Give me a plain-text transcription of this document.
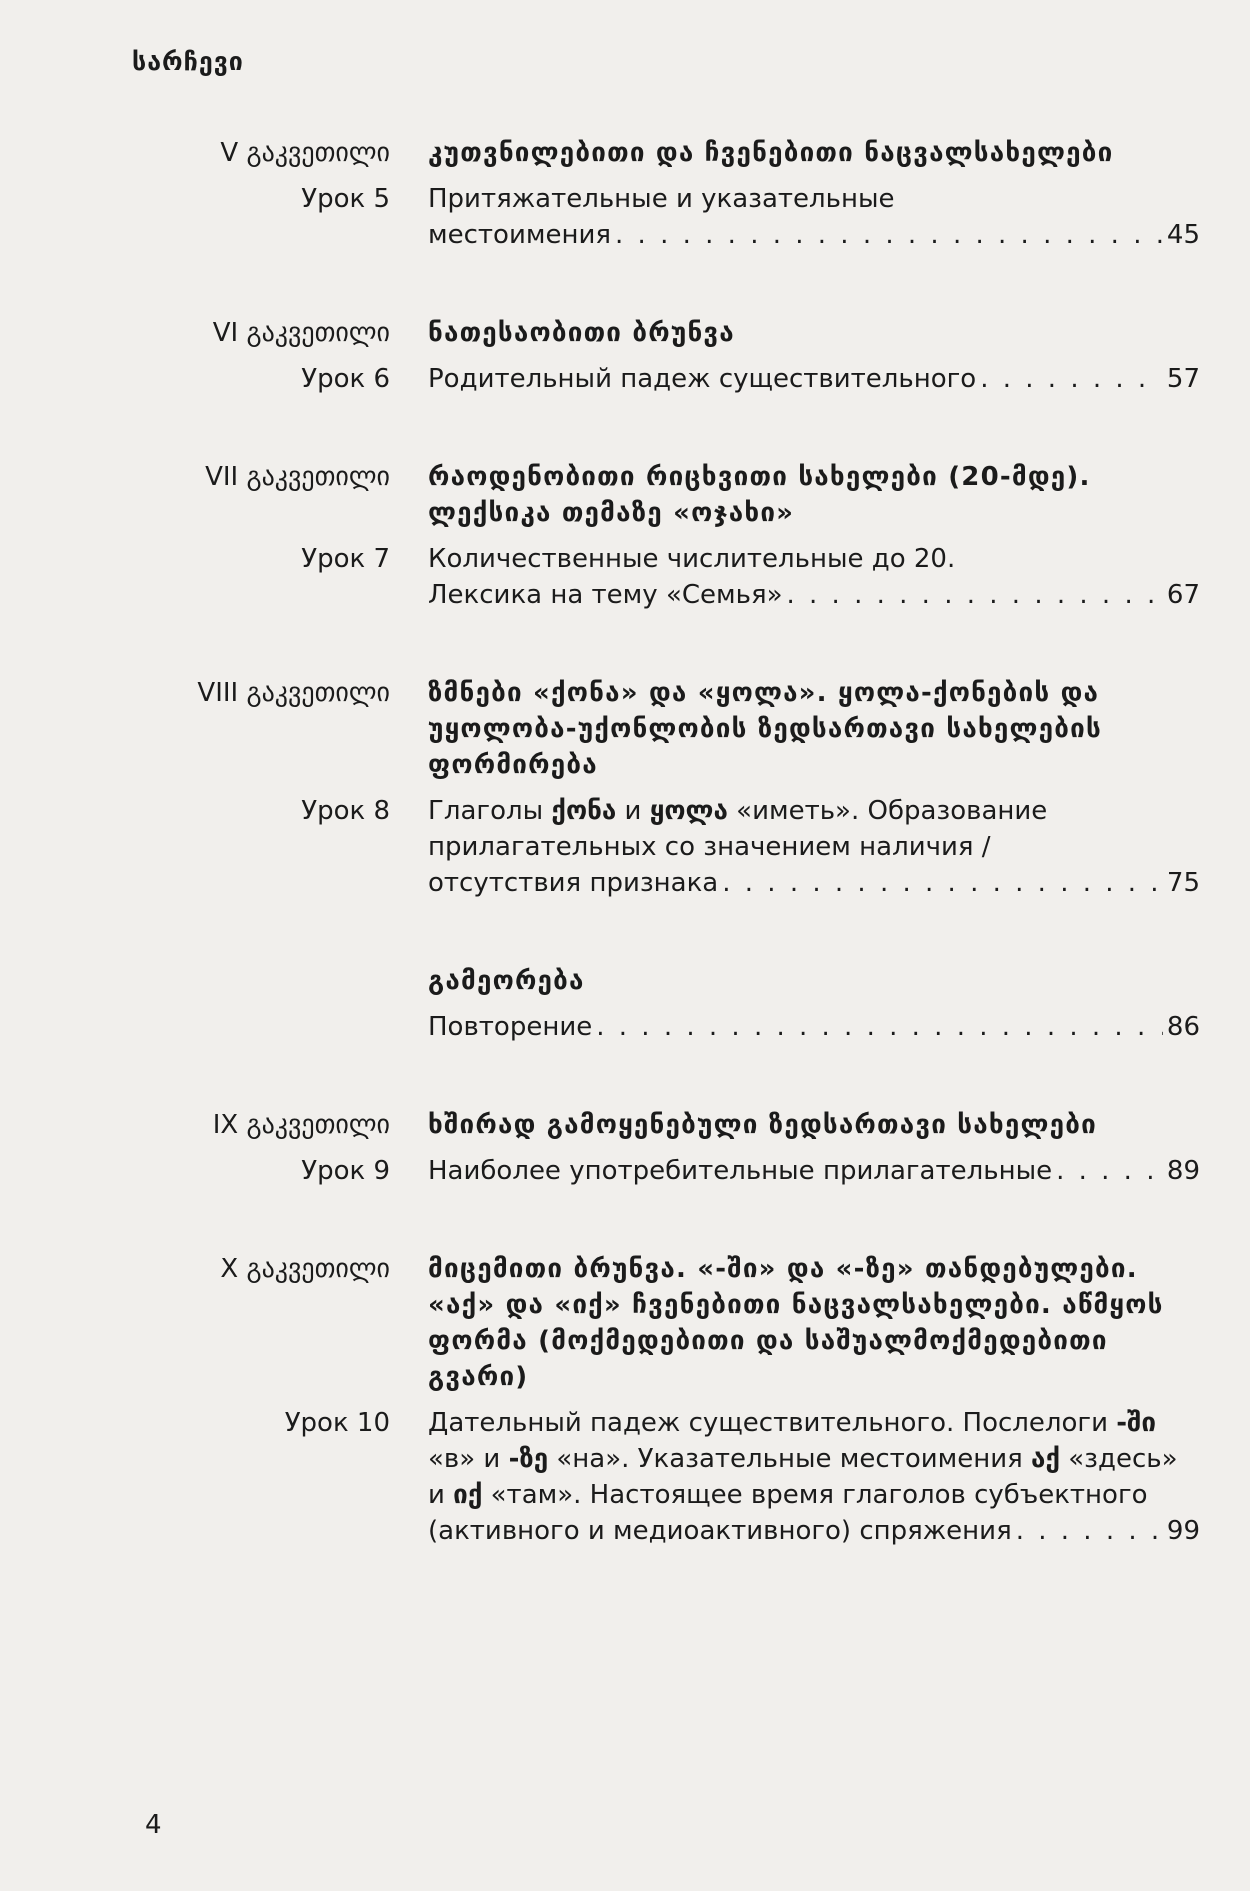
სარჩევი
V გაკვეთილი კუთვნილებითი და ჩვენებითი ნაცვალსახელები
Урок 5 Притяжательные и указательные
местоимения . . .	45
VI გაკვეთილი ნათესაობითი ბრუნვა
Урок 6 Родительный падеж существительного . . .	57
VII გაკვეთილი რაოდენობითი რიცხვითი სახელები (20-მდე). ლექსიკა თემაზე «ოჯახი»
Урок 7 Количественные числительные до 20.
Лексика на тему «Семья» . . .	67
VIII გაკვეთილი ზმნები «ქონა» და «ყოლა». ყოლა-ქონების და უყოლობა-უქონლობის ზედსართავი სახელების ფორმირება
Урок 8 Глаголы ქონა и ყოლა «иметь». Образование прилагательных со значением наличия /
отсутствия признака . . .	75
გამეორება
Повторение . . .	86
IX გაკვეთილი ხშირად გამოყენებული ზედსართავი სახელები
Урок 9 Наиболее употребительные прилагательные . . .	89
X გაკვეთილი მიცემითი ბრუნვა. «-ში» და «-ზე» თანდებულები. «აქ» და «იქ» ჩვენებითი ნაცვალსახელები. აწმყოს ფორმა (მოქმედებითი და საშუალმოქმედებითი გვარი)
Урок 10 Дательный падеж существительного. Послелоги -ში «в» и -ზე «на». Указательные местоимения აქ «здесь» и იქ «там». Настоящее время глаголов субъектного
(активного и медиоактивного) спряжения . . .	99
4
